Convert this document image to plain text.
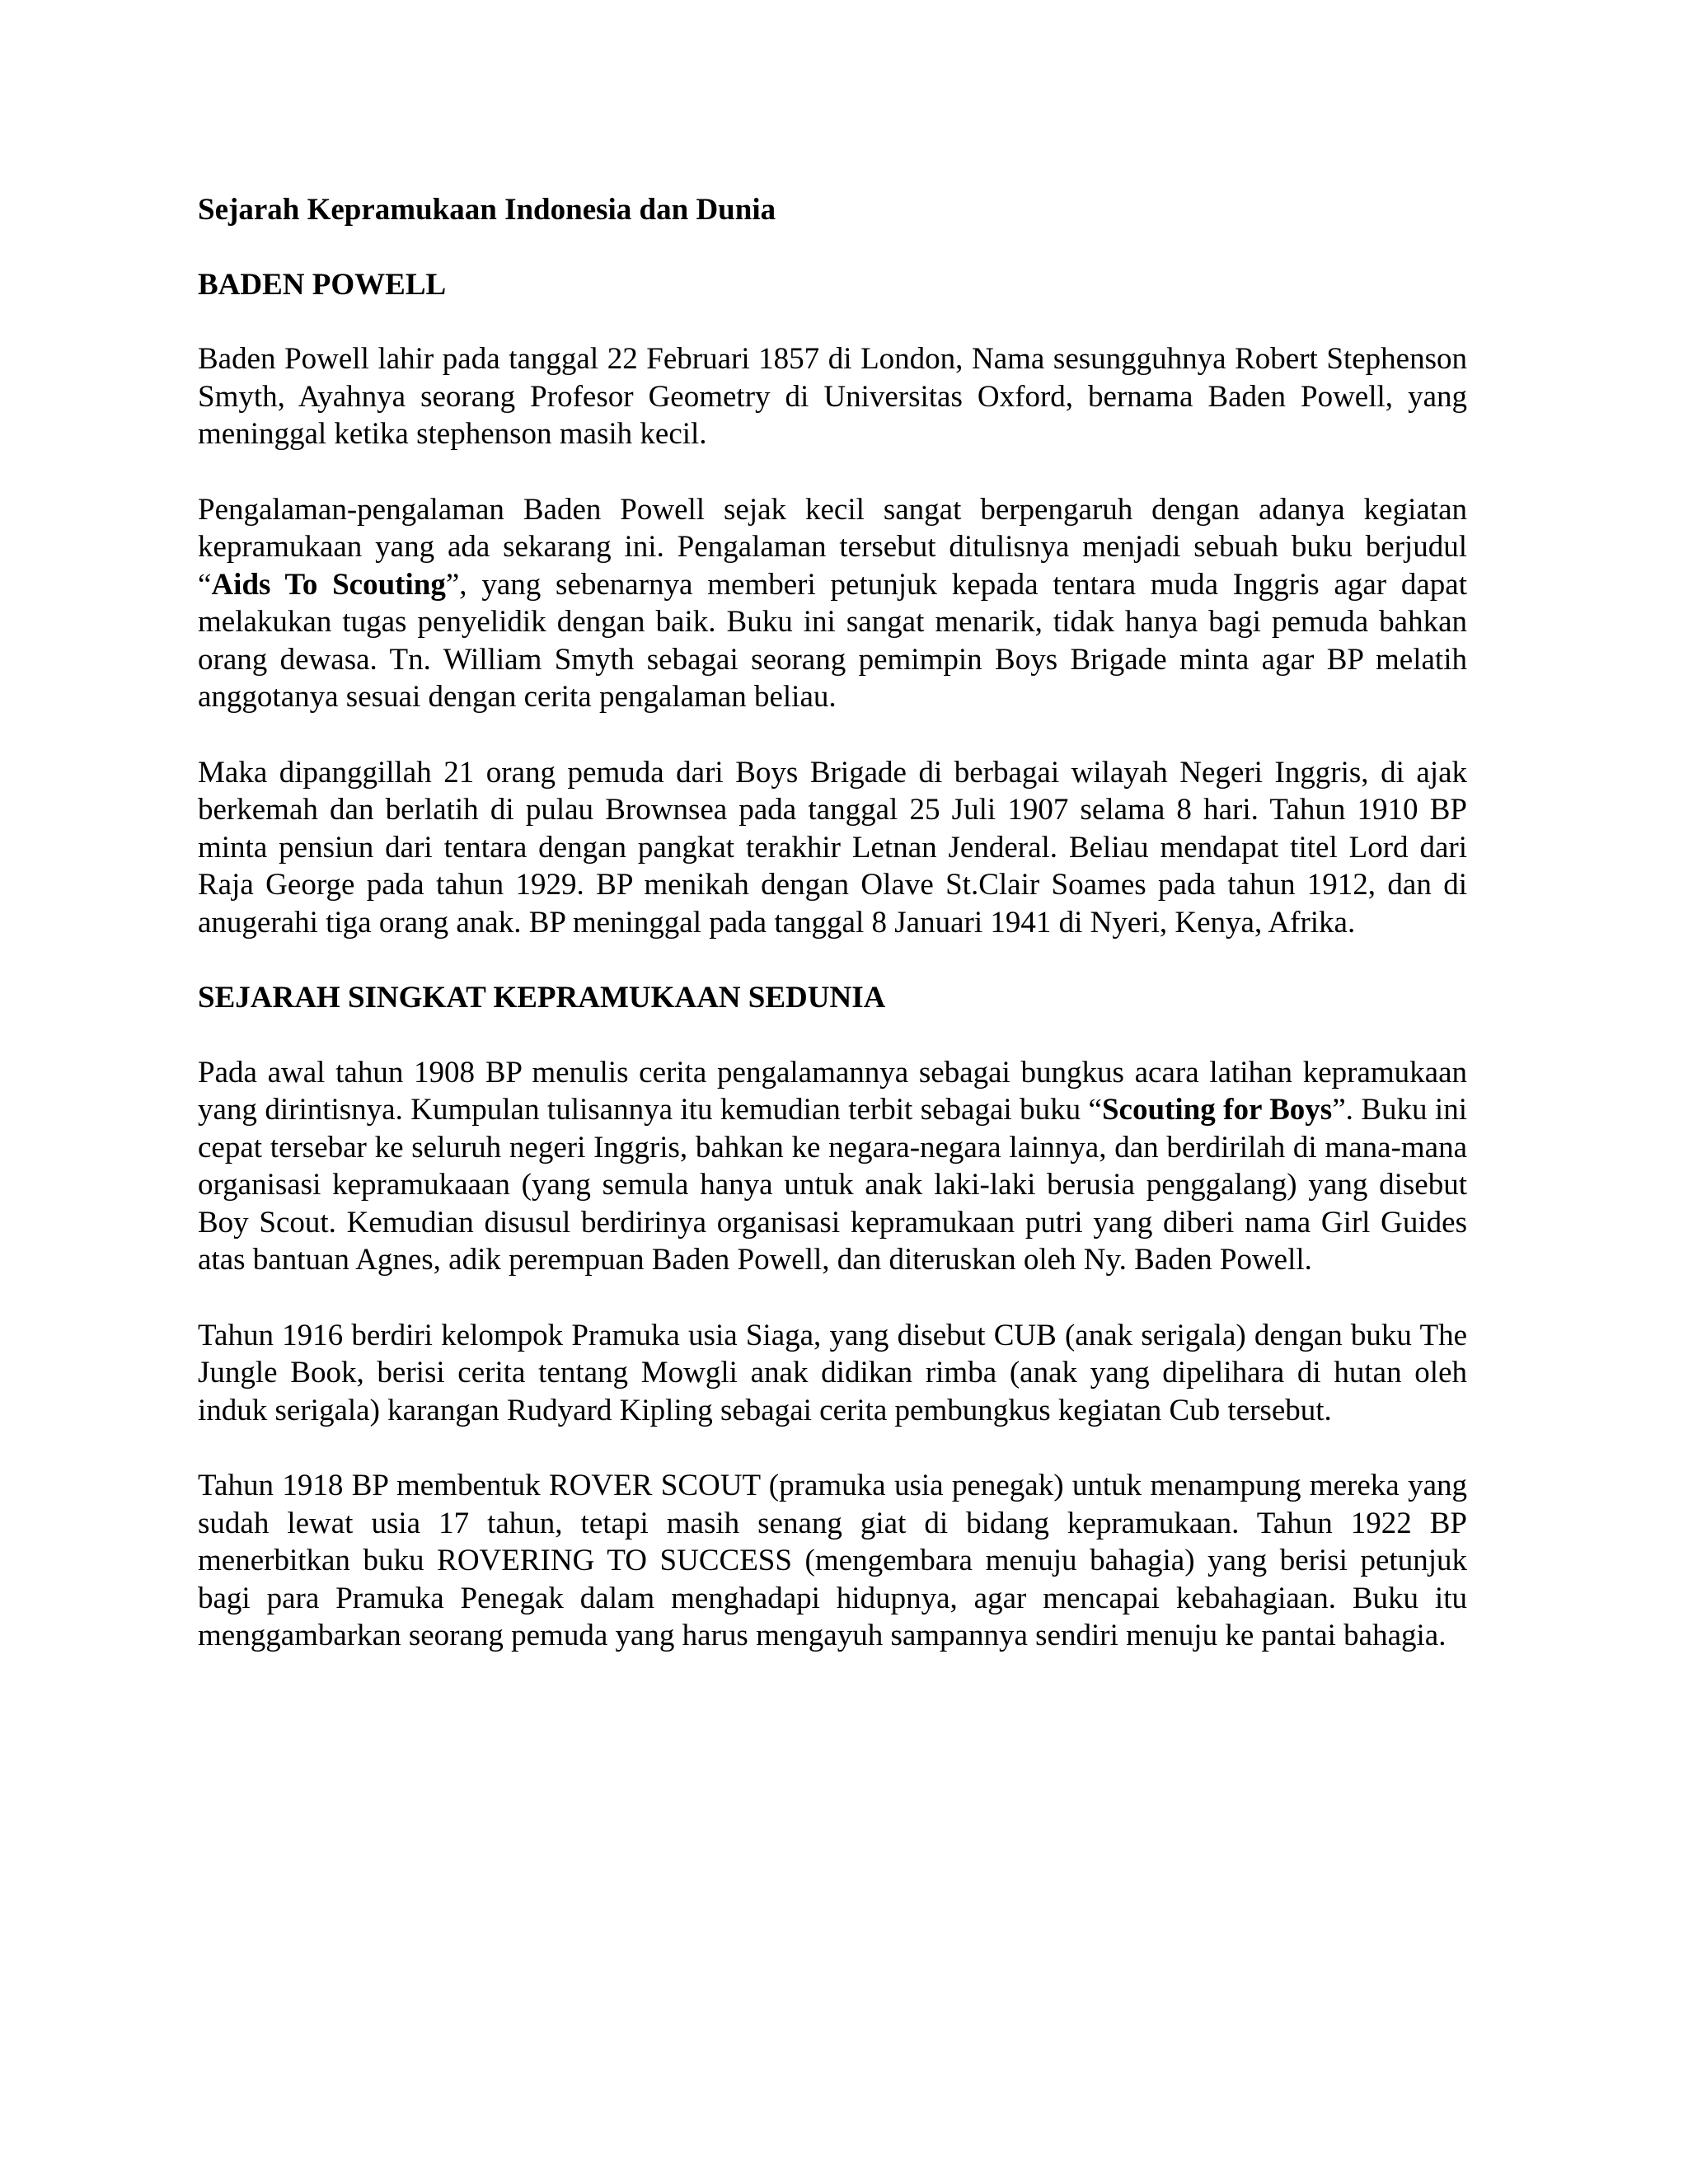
Sejarah Kepramukaan Indonesia dan Dunia

BADEN POWELL

Baden Powell lahir pada tanggal 22 Februari 1857 di London, Nama sesungguhnya Robert Stephenson Smyth, Ayahnya seorang Profesor Geometry di Universitas Oxford, bernama Baden Powell, yang meninggal ketika stephenson masih kecil.

Pengalaman-pengalaman Baden Powell sejak kecil sangat berpengaruh dengan adanya kegiatan kepramukaan yang ada sekarang ini. Pengalaman tersebut ditulisnya menjadi sebuah buku berjudul “Aids To Scouting”, yang sebenarnya memberi petunjuk kepada tentara muda Inggris agar dapat melakukan tugas penyelidik dengan baik. Buku ini sangat menarik, tidak hanya bagi pemuda bahkan orang dewasa. Tn. William Smyth sebagai seorang pemimpin Boys Brigade minta agar BP melatih anggotanya sesuai dengan cerita pengalaman beliau.

Maka dipanggillah 21 orang pemuda dari Boys Brigade di berbagai wilayah Negeri Inggris, di ajak berkemah dan berlatih di pulau Brownsea pada tanggal 25 Juli 1907 selama 8 hari. Tahun 1910 BP minta pensiun dari tentara dengan pangkat terakhir Letnan Jenderal. Beliau mendapat titel Lord dari Raja George pada tahun 1929. BP menikah dengan Olave St.Clair Soames pada tahun 1912, dan di anugerahi tiga orang anak. BP meninggal pada tanggal 8 Januari 1941 di Nyeri, Kenya, Afrika.

SEJARAH SINGKAT KEPRAMUKAAN SEDUNIA

Pada awal tahun 1908 BP menulis cerita pengalamannya sebagai bungkus acara latihan kepramukaan yang dirintisnya. Kumpulan tulisannya itu kemudian terbit sebagai buku “Scouting for Boys”. Buku ini cepat tersebar ke seluruh negeri Inggris, bahkan ke negara-negara lainnya, dan berdirilah di mana-mana organisasi kepramukaaan (yang semula hanya untuk anak laki-laki berusia penggalang) yang disebut Boy Scout. Kemudian disusul berdirinya organisasi kepramukaan putri yang diberi nama Girl Guides atas bantuan Agnes, adik perempuan Baden Powell, dan diteruskan oleh Ny. Baden Powell.

Tahun 1916 berdiri kelompok Pramuka usia Siaga, yang disebut CUB (anak serigala) dengan buku The Jungle Book, berisi cerita tentang Mowgli anak didikan rimba (anak yang dipelihara di hutan oleh induk serigala) karangan Rudyard Kipling sebagai cerita pembungkus kegiatan Cub tersebut.

Tahun 1918 BP membentuk ROVER SCOUT (pramuka usia penegak) untuk menampung mereka yang sudah lewat usia 17 tahun, tetapi masih senang giat di bidang kepramukaan. Tahun 1922 BP menerbitkan buku ROVERING TO SUCCESS (mengembara menuju bahagia) yang berisi petunjuk bagi para Pramuka Penegak dalam menghadapi hidupnya, agar mencapai kebahagiaan. Buku itu menggambarkan seorang pemuda yang harus mengayuh sampannya sendiri menuju ke pantai bahagia.
